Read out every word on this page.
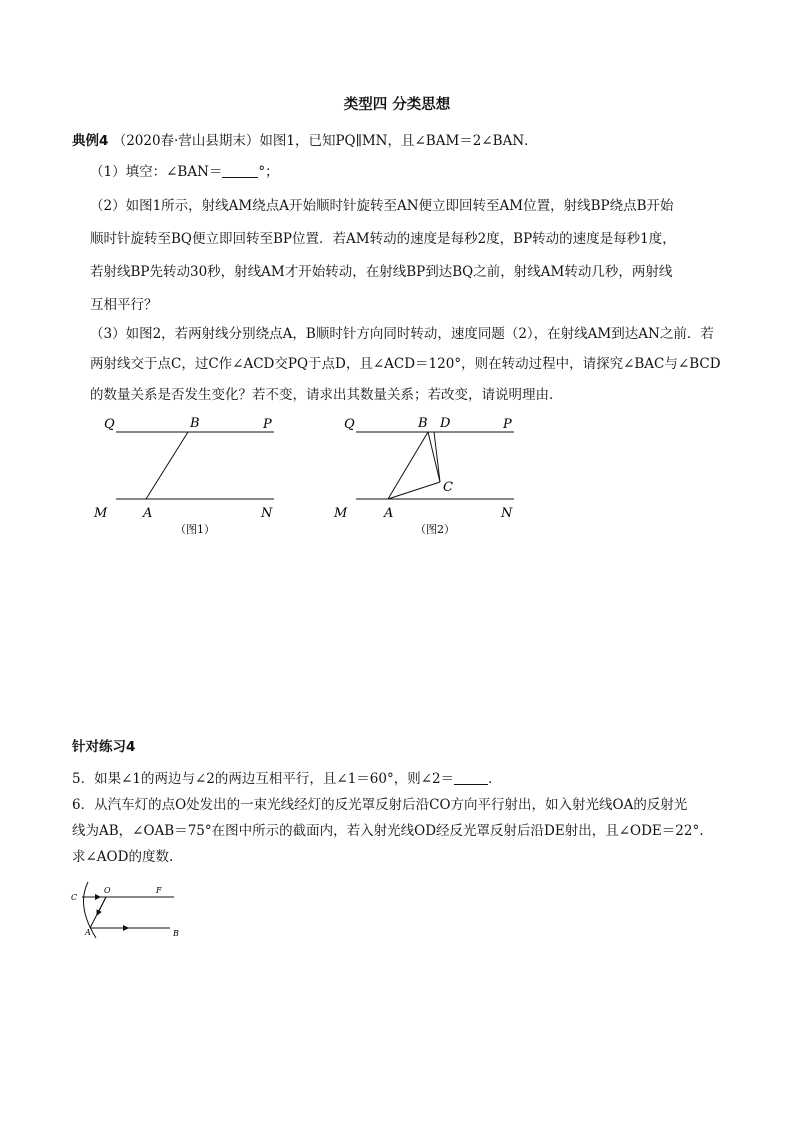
类型四 分类思想
典例4 （2020春·营山县期末）如图1，已知PQ∥MN，且∠BAM＝2∠BAN．
（1）填空：∠BAN＝	°；
（2）如图1所示，射线AM绕点A开始顺时针旋转至AN便立即回转至AM位置，射线BP绕点B开始
顺时针旋转至BQ便立即回转至BP位置．若AM转动的速度是每秒2度，BP转动的速度是每秒1度，
若射线BP先转动30秒，射线AM才开始转动，在射线BP到达BQ之前，射线AM转动几秒，两射线
互相平行？
（3）如图2，若两射线分别绕点A，B顺时针方向同时转动，速度同题（2），在射线AM到达AN之前．若
两射线交于点C，过C作∠ACD交PQ于点D，且∠ACD＝120°，则在转动过程中，请探究∠BAC与∠BCD
的数量关系是否发生变化？若不变，请求出其数量关系；若改变，请说明理由．
Q	B	P
M	A	N
（图1）
Q	B D	P
C
M	A	N
（图2）
针对练习4
5．如果∠1的两边与∠2的两边互相平行，且∠1＝60°，则∠2＝	．
6．从汽车灯的点O处发出的一束光线经灯的反光罩反射后沿CO方向平行射出，如入射光线OA的反射光
线为AB，∠OAB＝75°在图中所示的截面内，若入射光线OD经反光罩反射后沿DE射出，且∠ODE＝22°.
求∠AOD的度数.
C
O	F
A	B
